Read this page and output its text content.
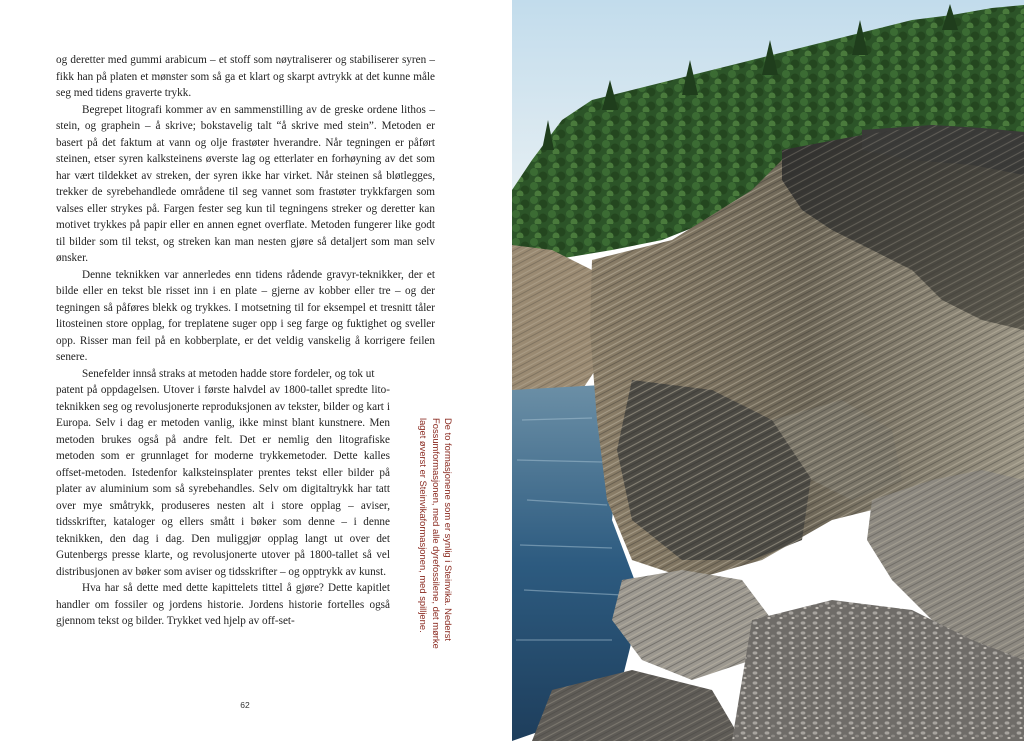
og deretter med gummi arabicum – et stoff som nøytraliserer og stabiliserer syren – fikk han på platen et mønster som så ga et klart og skarpt avtrykk at det kunne måle seg med tidens graverte trykk.

Begrepet litografi kommer av en sammenstilling av de greske ordene lithos – stein, og graphein – å skrive; bokstavelig talt “å skrive med stein”. Metoden er basert på det faktum at vann og olje frastøter hverandre. Når tegningen er påført steinen, etser syren kalksteinens øverste lag og etterlater en forhøyning av det som har vært tildekket av streken, der syren ikke har virket. Når steinen så bløtlegges, trekker de syrebehandlede områdene til seg vannet som frastøter trykkfargen som valses eller strykes på. Fargen fester seg kun til tegningens streker og deretter kan motivet trykkes på papir eller en annen egnet overflate. Metoden fungerer like godt til bilder som til tekst, og streken kan man nesten gjøre så detaljert som man selv ønsker.

Denne teknikken var annerledes enn tidens rådende gravyr-teknikker, der et bilde eller en tekst ble risset inn i en plate – gjerne av kobber eller tre – og der tegningen så påføres blekk og trykkes. I motsetning til for eksempel et tresnitt tåler litosteinen store opplag, for treplatene suger opp i seg farge og fuktighet og sveller opp. Risser man feil på en kobberplate, er det veldig vanskelig å korrigere feilen senere.

Senefelder innså straks at metoden hadde store fordeler, og tok ut

patent på oppdagelsen. Utover i første halvdel av 1800-tallet spredte lito-teknikken seg og revolusjonerte reproduksjonen av tekster, bilder og kart i Europa. Selv i dag er metoden vanlig, ikke minst blant kunstnere. Men metoden brukes også på andre felt. Det er nemlig den litografiske metoden som er grunnlaget for moderne trykkemetoder. Dette kalles offset-metoden. Istedenfor kalksteinsplater prentes tekst eller bilder på plater av aluminium som så syrebehandles. Selv om digitaltrykk har tatt over mye småtrykk, produseres nesten alt i store opplag – aviser, tidsskrifter, kataloger og ellers smått i bøker som denne – i denne teknikken, den dag i dag. Den muliggjør opplag langt ut over det Gutenbergs presse klarte, og revolusjonerte utover på 1800-tallet så vel distribusjonen av bøker som aviser og tidsskrifter – og opptrykk av kunst.

Hva har så dette med dette kapittelets tittel å gjøre? Dette kapitlet handler om fossiler og jordens historie. Jordens historie fortelles også gjennom tekst og bilder. Trykket ved hjelp av off-set-	De to formasjonene som er synlig i Steinvika. Nederst
Fossumformasjonen, med alle dyrefossilene, det mørke
laget øverst er Steinvikaformasjonen, med spilljene.
62
